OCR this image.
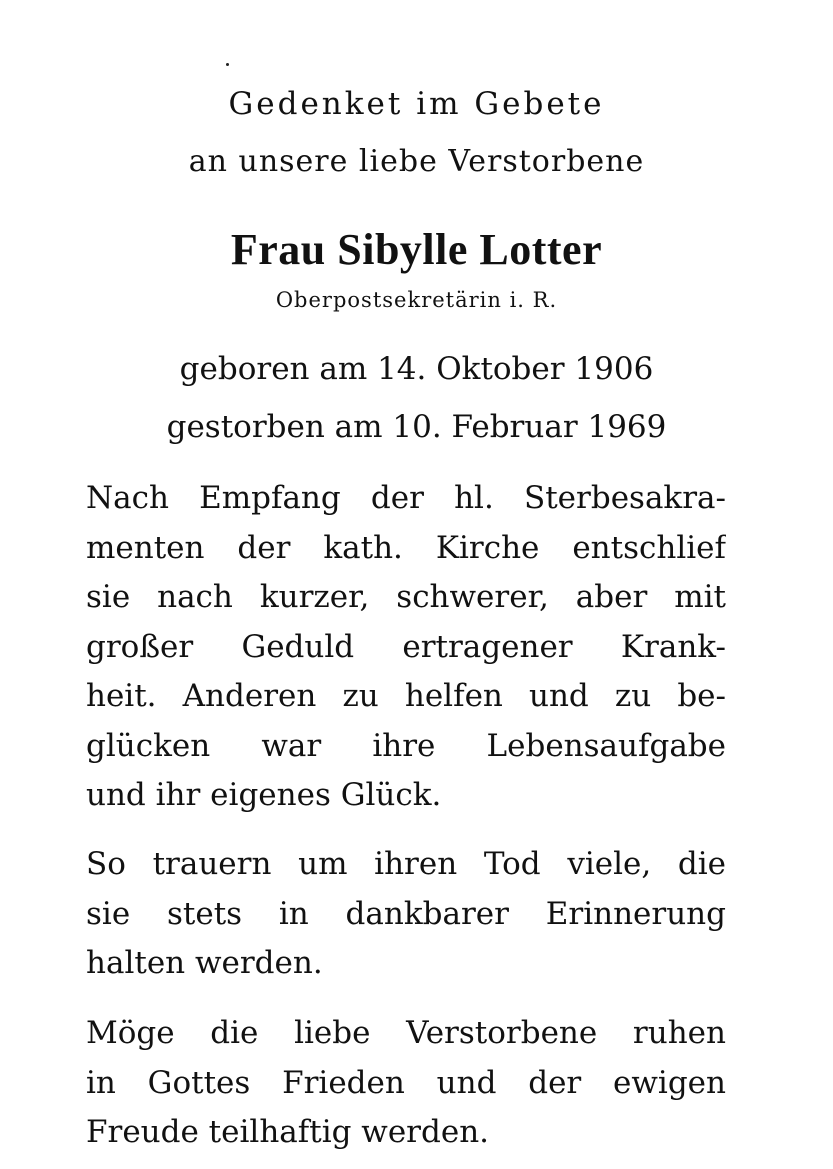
Gedenket im Gebete
an unsere liebe Verstorbene
Frau Sibylle Lotter
Oberpostsekretärin i. R.
geboren am 14. Oktober 1906
gestorben am 10. Februar 1969
Nach Empfang der hl. Sterbesakra-
menten der kath. Kirche entschlief
sie nach kurzer, schwerer, aber mit
großer Geduld ertragener Krank-
heit. Anderen zu helfen und zu be-
glücken war ihre Lebensaufgabe
und ihr eigenes Glück.
So trauern um ihren Tod viele, die
sie stets in dankbarer Erinnerung
halten werden.
Möge die liebe Verstorbene ruhen
in Gottes Frieden und der ewigen
Freude teilhaftig werden.
